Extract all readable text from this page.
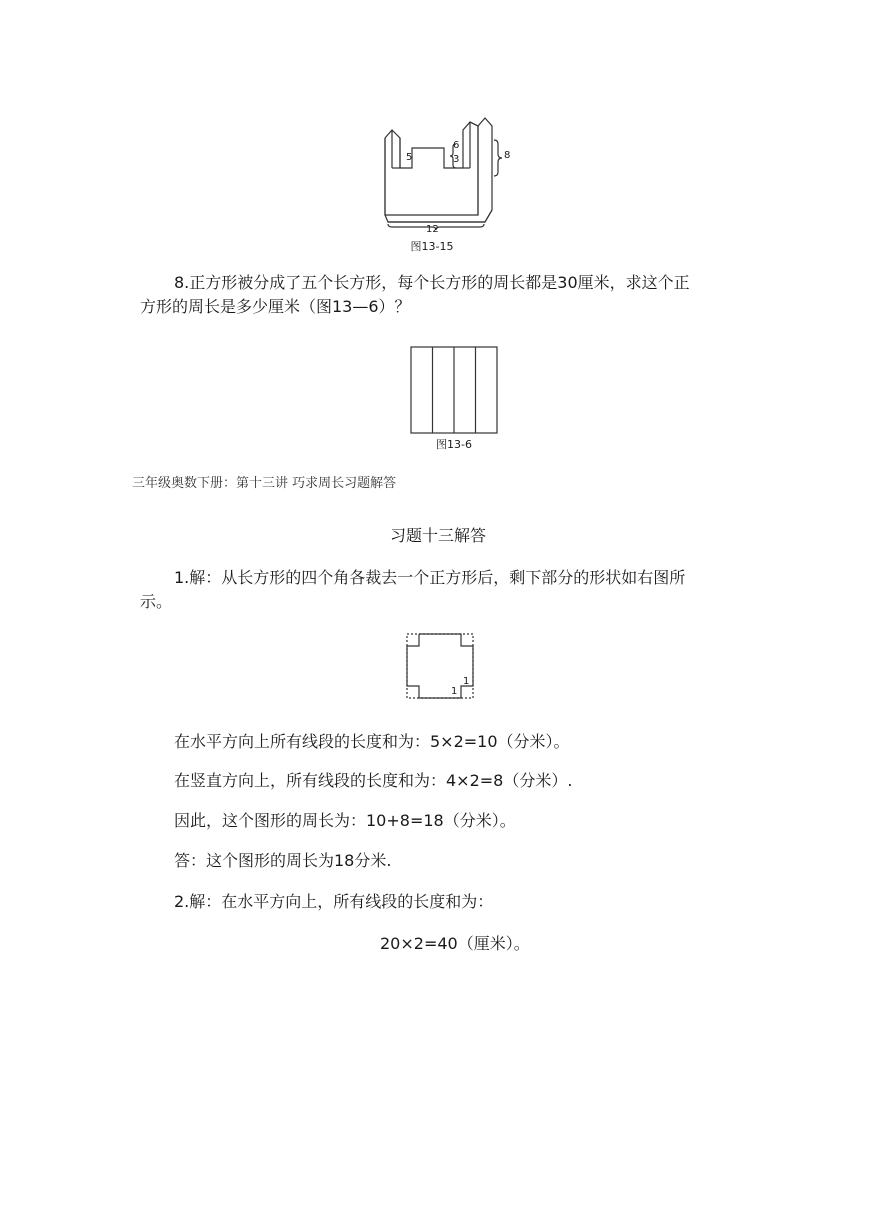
5
6
3	8
12
图13-15
8.正方形被分成了五个长方形，每个长方形的周长都是30厘米，求这个正
方形的周长是多少厘米（图13—6）？
图13-6
三年级奥数下册：第十三讲 巧求周长习题解答
习题十三解答
1.解：从长方形的四个角各裁去一个正方形后，剩下部分的形状如右图所
示。
1
1
在水平方向上所有线段的长度和为：5×2=10（分米）。
在竖直方向上，所有线段的长度和为：4×2=8（分米）.
因此，这个图形的周长为：10+8=18（分米）。
答：这个图形的周长为18分米.
2.解：在水平方向上，所有线段的长度和为：
20×2=40（厘米）。
